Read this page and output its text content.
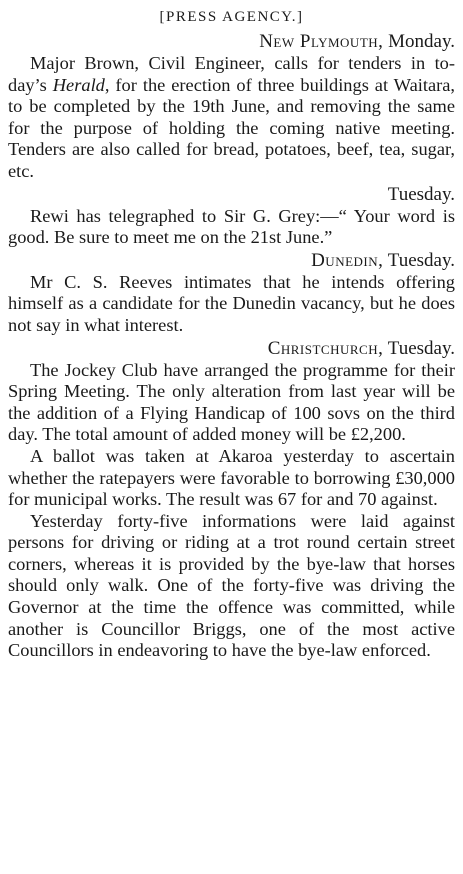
[PRESS AGENCY.]
New Plymouth, Monday.

Major Brown, Civil Engineer, calls for tenders in to-day’s Herald, for the erection of three buildings at Waitara, to be completed by the 19th June, and removing the same for the purpose of holding the coming native meeting. Tenders are also called for bread, potatoes, beef, tea, sugar, etc.

Tuesday.

Rewi has telegraphed to Sir G. Grey:—“ Your word is good. Be sure to meet me on the 21st June.”

Dunedin, Tuesday.

Mr C. S. Reeves intimates that he intends offering himself as a candidate for the Dunedin vacancy, but he does not say in what interest.

Christchurch, Tuesday.

The Jockey Club have arranged the programme for their Spring Meeting. The only alteration from last year will be the addition of a Flying Handicap of 100 sovs on the third day. The total amount of added money will be £2,200.

A ballot was taken at Akaroa yesterday to ascertain whether the ratepayers were favorable to borrowing £30,000 for municipal works. The result was 67 for and 70 against.

Yesterday forty-five informations were laid against persons for driving or riding at a trot round certain street corners, whereas it is provided by the bye-law that horses should only walk. One of the forty-five was driving the Governor at the time the offence was committed, while another is Councillor Briggs, one of the most active Councillors in endeavoring to have the bye-law enforced.
